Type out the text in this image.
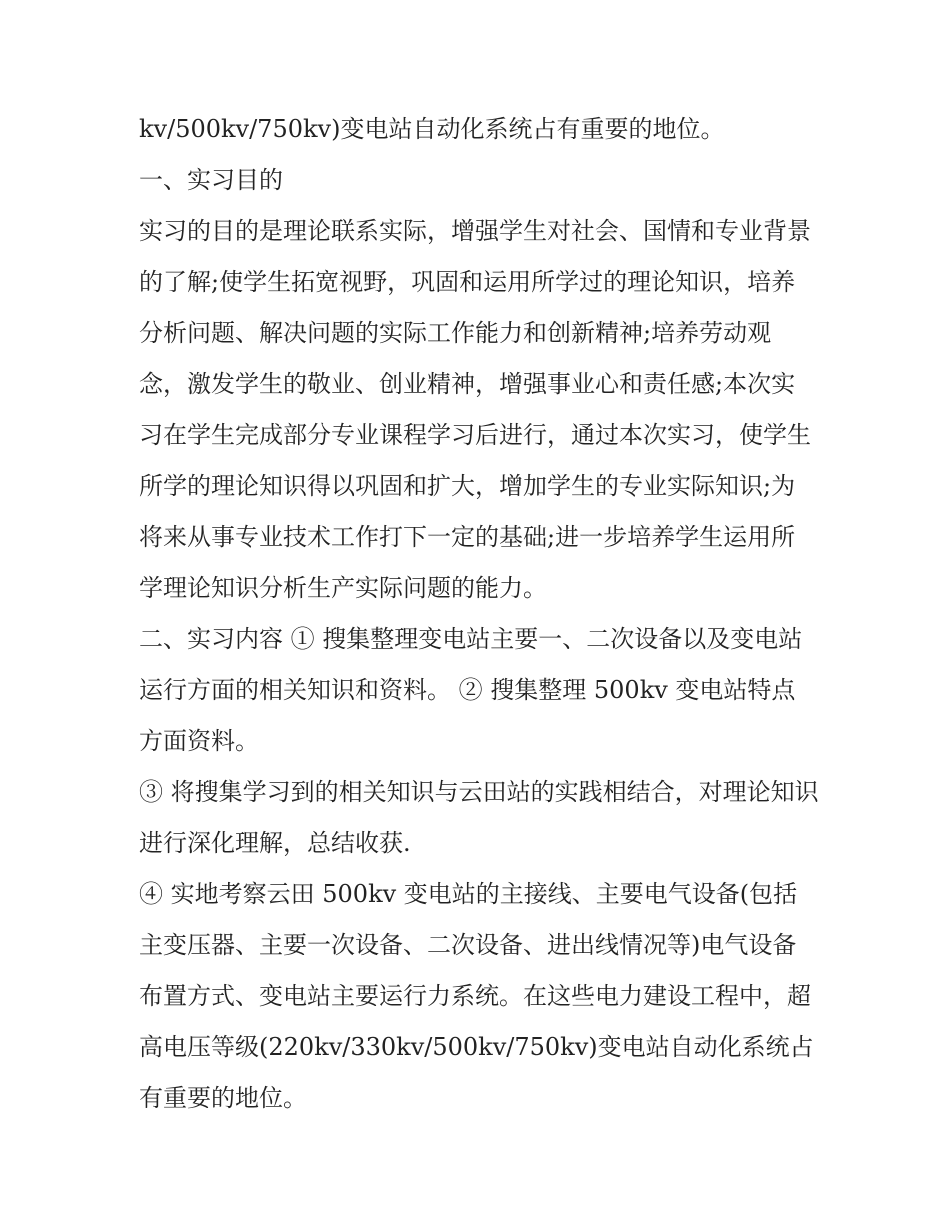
kv/500kv/750kv)变电站自动化系统占有重要的地位。

一、实习目的

实习的目的是理论联系实际，增强学生对社会、国情和专业背景的了解;使学生拓宽视野，巩固和运用所学过的理论知识，培养分析问题、解决问题的实际工作能力和创新精神;培养劳动观念，激发学生的敬业、创业精神，增强事业心和责任感;本次实习在学生完成部分专业课程学习后进行，通过本次实习，使学生所学的理论知识得以巩固和扩大，增加学生的专业实际知识;为将来从事专业技术工作打下一定的基础;进一步培养学生运用所学理论知识分析生产实际问题的能力。

二、实习内容 ① 搜集整理变电站主要一、二次设备以及变电站运行方面的相关知识和资料。 ② 搜集整理 500kv 变电站特点方面资料。

③ 将搜集学习到的相关知识与云田站的实践相结合，对理论知识进行深化理解，总结收获.

④ 实地考察云田 500kv 变电站的主接线、主要电气设备(包括主变压器、主要一次设备、二次设备、进出线情况等)电气设备布置方式、变电站主要运行力系统。在这些电力建设工程中，超高电压等级(220kv/330kv/500kv/750kv)变电站自动化系统占有重要的地位。
